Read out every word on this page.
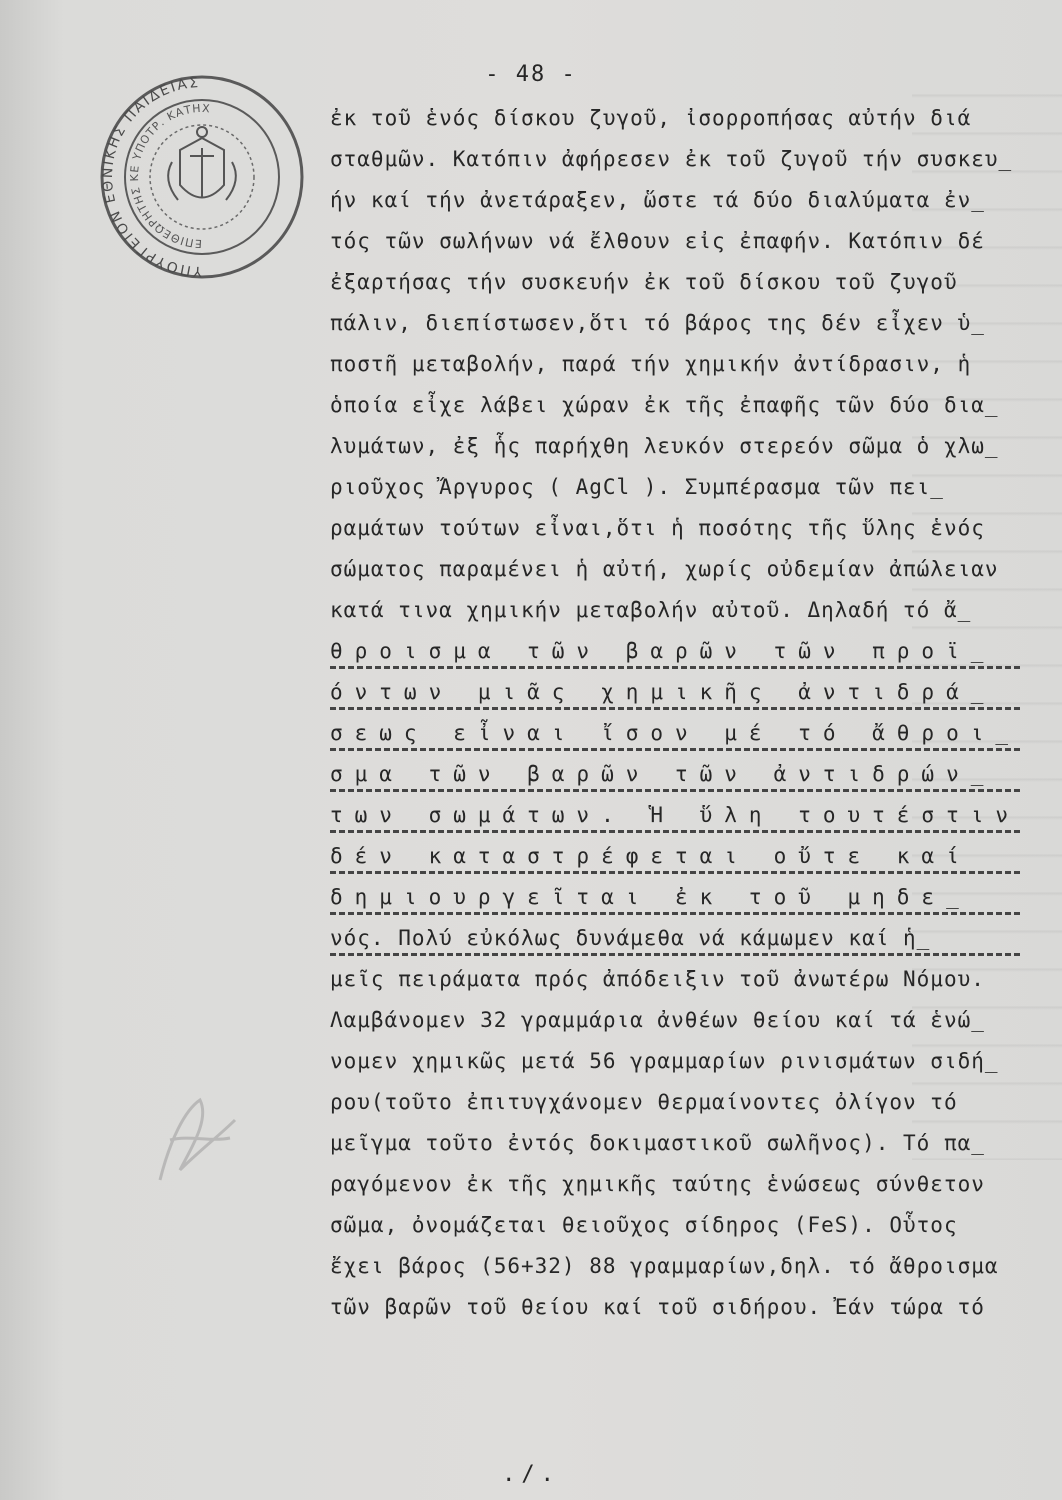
- 48 -
ΥΠΟΥΡΓΕΙΟΝ ΕΘΝΙΚΗΣ ΠΑΙΔΕΙΑΣ
ΕΠΙΘΕΩΡΗΤΗΣ ΚΕ ΥΠΟΤΡ. ΚΑΤΗΧ	ἐκ τοῦ ἑνός δίσκου ζυγοῦ, ἰσορροπήσας αὐτήν διά
σταθμῶν. Κατόπιν ἀφήρεσεν ἐκ τοῦ ζυγοῦ τήν συσκευ_
ήν καί τήν ἀνετάραξεν, ὥστε τά δύο διαλύματα ἐν_
τός τῶν σωλήνων νά ἔλθουν εἰς ἐπαφήν. Κατόπιν δέ
ἐξαρτήσας τήν συσκευήν ἐκ τοῦ δίσκου τοῦ ζυγοῦ
πάλιν, διεπίστωσεν,ὅτι τό βάρος της δέν εἶχεν ὑ_
ποστῆ μεταβολήν, παρά τήν χημικήν ἀντίδρασιν, ἡ
ὁποία εἶχε λάβει χώραν ἐκ τῆς ἐπαφῆς τῶν δύο δια_
λυμάτων, ἐξ ἧς παρήχθη λευκόν στερεόν σῶμα ὁ χλω_
ριοῦχος Ἄργυρος ( AgCl ). Συμπέρασμα τῶν πει_
ραμάτων τούτων εἶναι,ὅτι ἡ ποσότης τῆς ὕλης ἑνός
σώματος παραμένει ἡ αὐτή, χωρίς οὐδεμίαν ἀπώλειαν
κατά τινα χημικήν μεταβολήν αὐτοῦ. Δηλαδή τό ἄ_
θροισμα τῶν βαρῶν τῶν προϊ_
όντων μιᾶς χημικῆς ἀντιδρά_
σεως εἶναι ἴσον μέ τό ἄθροι_
σμα τῶν βαρῶν τῶν ἀντιδρών_
των σωμάτων. Ἡ ὕλη τουτέστιν
δέν καταστρέφεται οὔτε καί
δημιουργεῖται ἐκ τοῦ μηδε_
νός. Πολύ εὐκόλως δυνάμεθα νά κάμωμεν καί ἡ_
μεῖς πειράματα πρός ἀπόδειξιν τοῦ ἀνωτέρω Νόμου.
Λαμβάνομεν 32 γραμμάρια ἀνθέων θείου καί τά ἑνώ_
νομεν χημικῶς μετά 56 γραμμαρίων ρινισμάτων σιδή_
ρου(τοῦτο ἐπιτυγχάνομεν θερμαίνοντες ὀλίγον τό
μεῖγμα τοῦτο ἐντός δοκιμαστικοῦ σωλῆνος). Τό πα_
ραγόμενον ἐκ τῆς χημικῆς ταύτης ἑνώσεως σύνθετον
σῶμα, ὀνομάζεται θειοῦχος σίδηρος (FeS). Οὗτος
ἔχει βάρος (56+32) 88 γραμμαρίων,δηλ. τό ἄθροισμα
τῶν βαρῶν τοῦ θείου καί τοῦ σιδήρου. Ἐάν τώρα τό
./.
